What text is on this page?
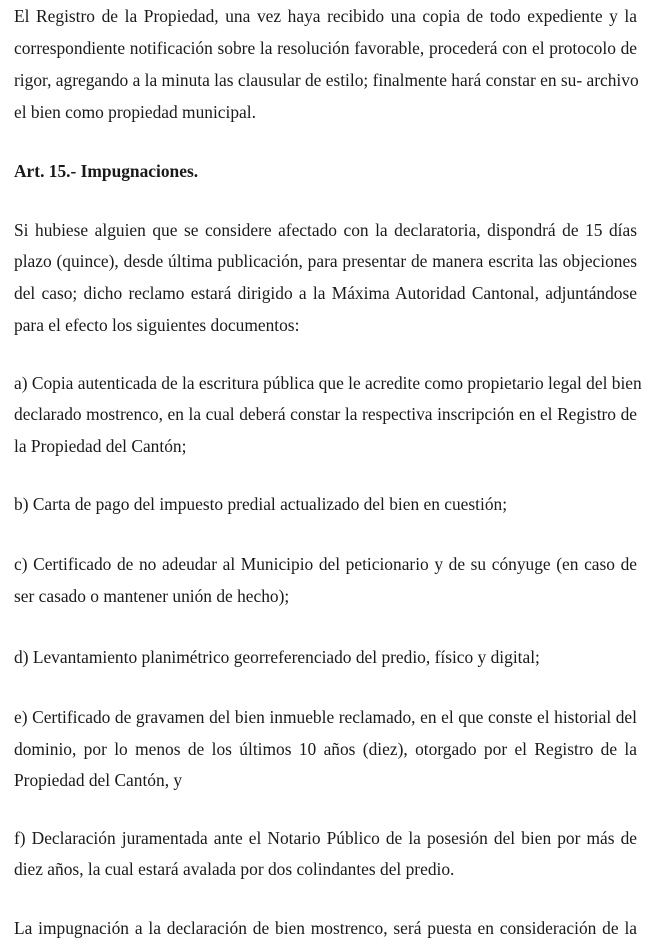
El Registro de la Propiedad, una vez haya recibido una copia de todo expediente y la
correspondiente notificación sobre la resolución favorable, procederá con el protocolo de
rigor, agregando a la minuta las clausular de estilo; finalmente hará constar en su- archivo
el bien como propiedad municipal.
Art. 15.- Impugnaciones.
Si hubiese alguien que se considere afectado con la declaratoria, dispondrá de 15 días
plazo (quince), desde última publicación, para presentar de manera escrita las objeciones
del caso; dicho reclamo estará dirigido a la Máxima Autoridad Cantonal, adjuntándose
para el efecto los siguientes documentos:
a) Copia autenticada de la escritura pública que le acredite como propietario legal del bien
declarado mostrenco, en la cual deberá constar la respectiva inscripción en el Registro de
la Propiedad del Cantón;
b) Carta de pago del impuesto predial actualizado del bien en cuestión;
c) Certificado de no adeudar al Municipio del peticionario y de su cónyuge (en caso de
ser casado o mantener unión de hecho);
d) Levantamiento planimétrico georreferenciado del predio, físico y digital;
e) Certificado de gravamen del bien inmueble reclamado, en el que conste el historial del
dominio, por lo menos de los últimos 10 años (diez), otorgado por el Registro de la
Propiedad del Cantón, y
f) Declaración juramentada ante el Notario Público de la posesión del bien por más de
diez años, la cual estará avalada por dos colindantes del predio.
La impugnación a la declaración de bien mostrenco, será puesta en consideración de la
